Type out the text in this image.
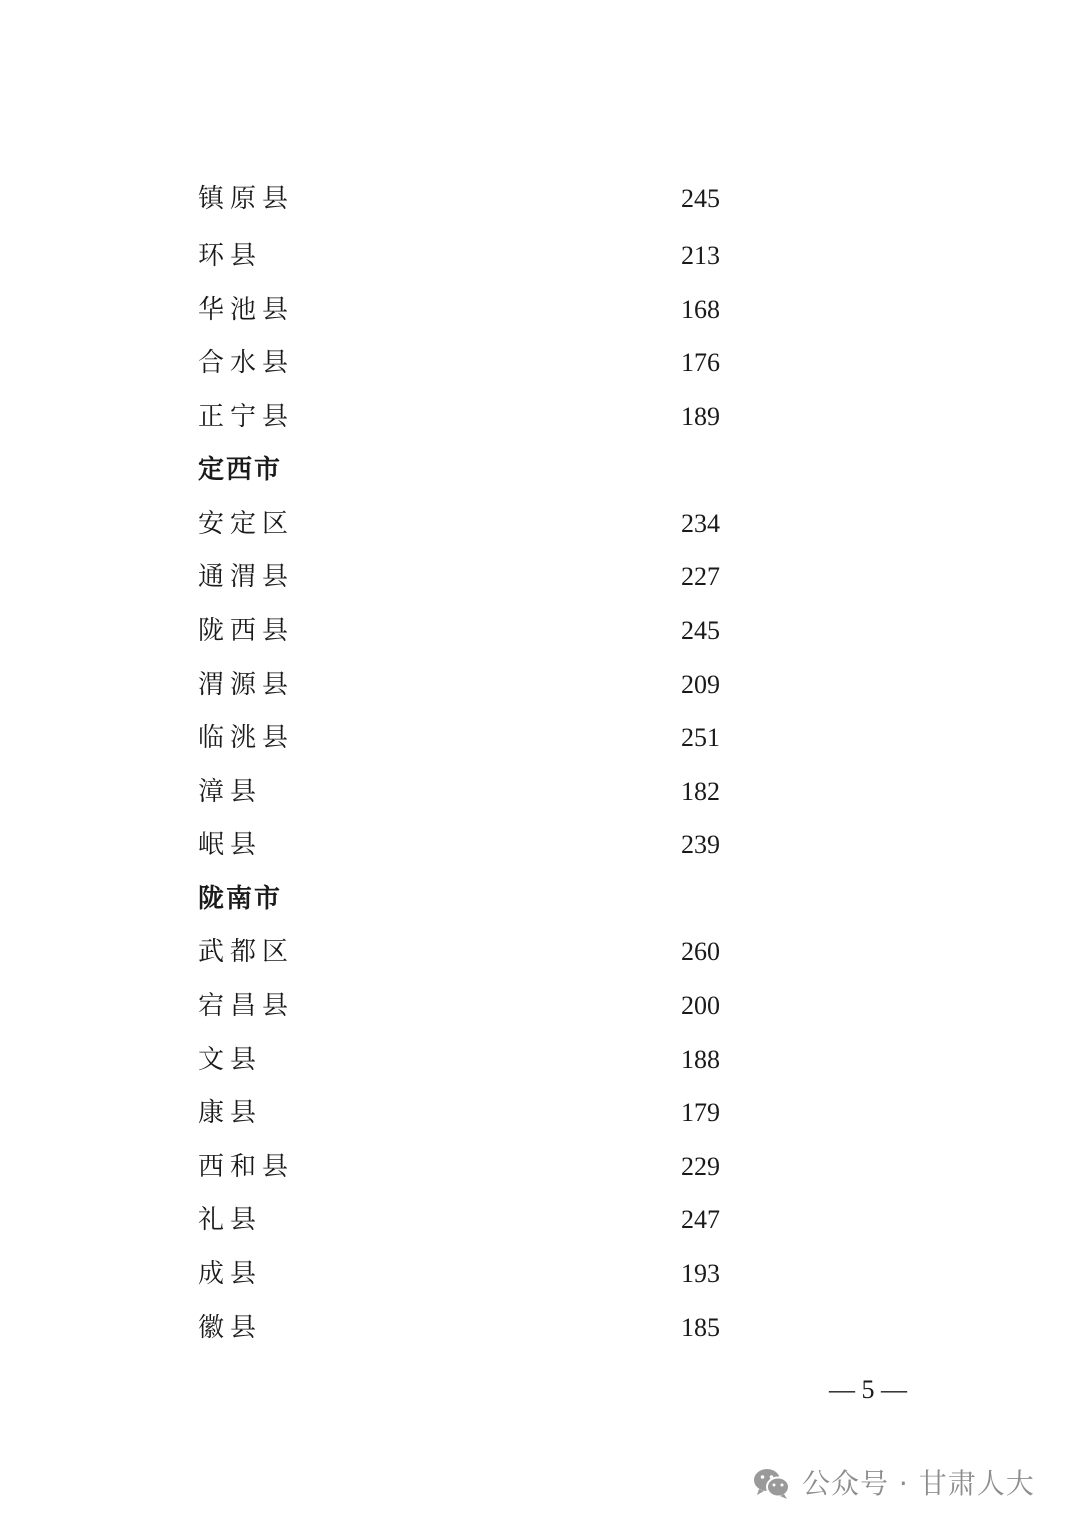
镇原县	245
环县	213
华池县	168
合水县	176
正宁县	189
定西市
安定区	234
通渭县	227
陇西县	245
渭源县	209
临洮县	251
漳县	182
岷县	239
陇南市
武都区	260
宕昌县	200
文县	188
康县	179
西和县	229
礼县	247
成县	193
徽县	185
— 5 —
公众号 · 甘肃人大
